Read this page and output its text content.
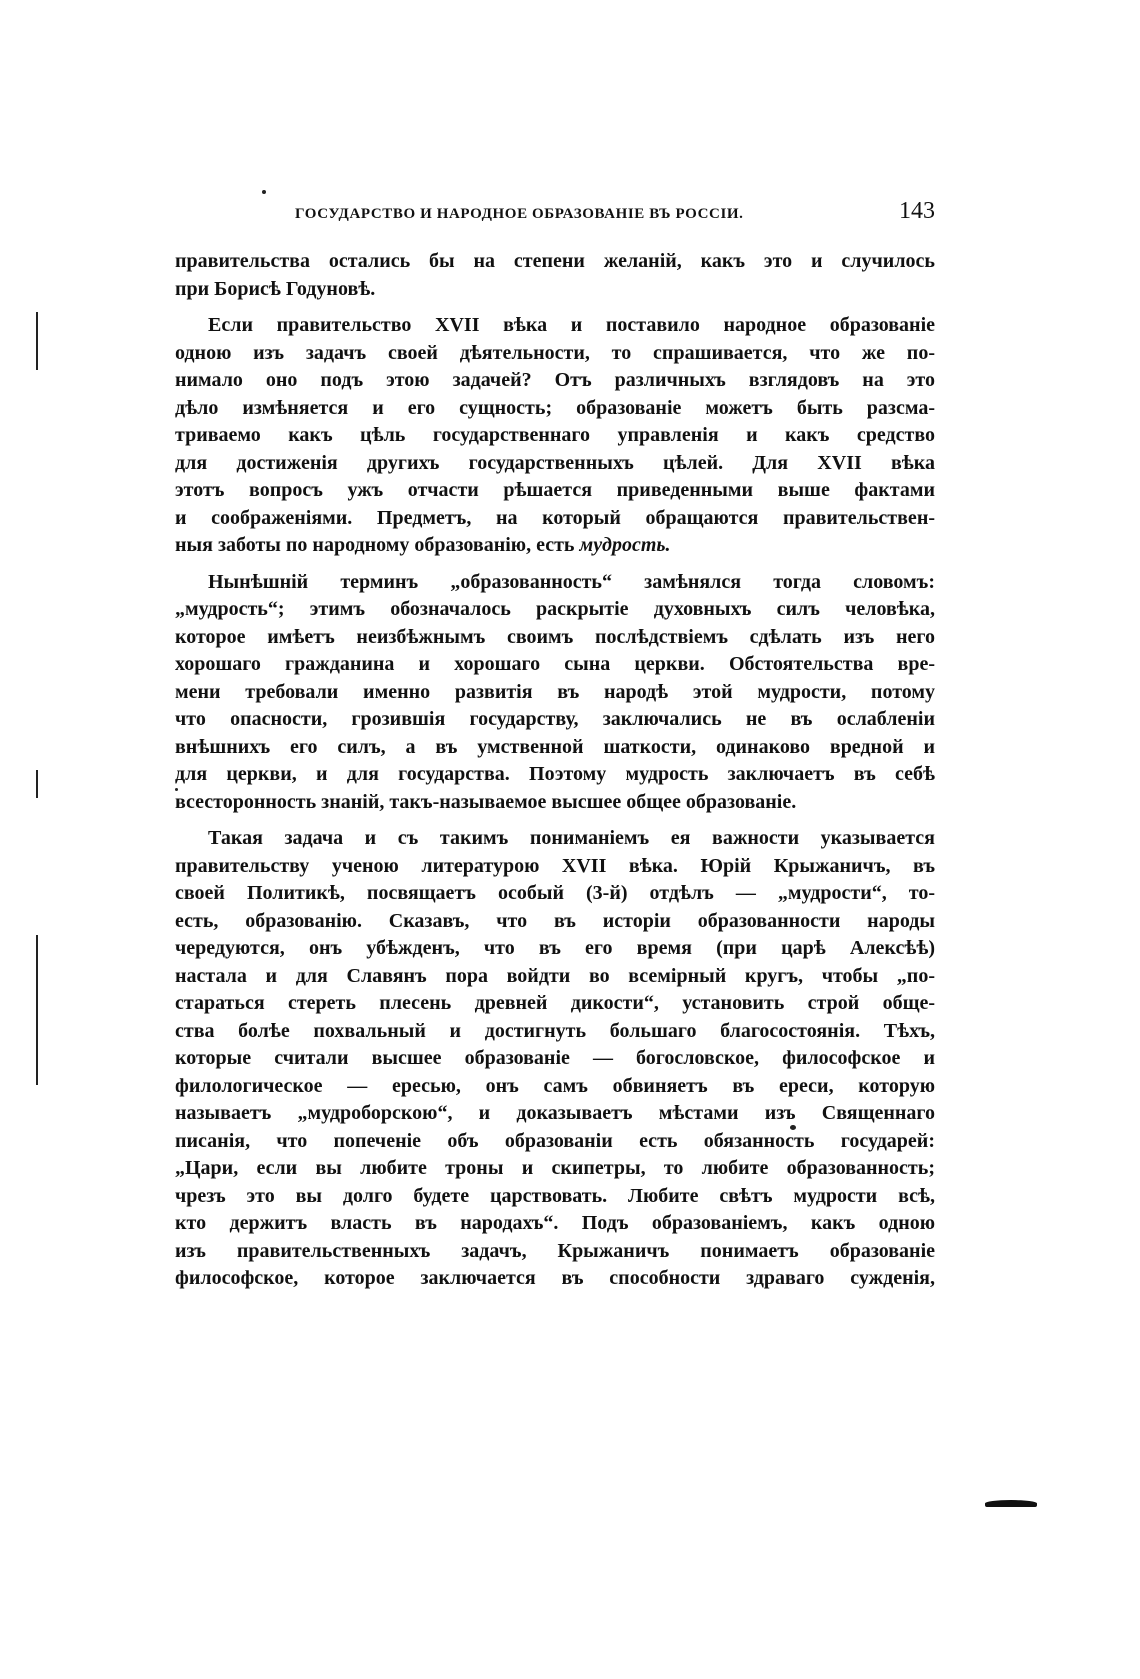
ГОСУДАРСТВО И НАРОДНОЕ ОБРАЗОВАНІЕ ВЪ РОССІИ.	143
правительства остались бы на степени желаній, какъ это и случилось
при Борисѣ Годуновѣ.
Если правительство XVII вѣка и поставило народное образованіе
одною изъ задачъ своей дѣятельности, то спрашивается, что же по-
нимало оно подъ этою задачей? Отъ различныхъ взглядовъ на это
дѣло измѣняется и его сущность; образованіе можетъ быть разсма-
триваемо какъ цѣль государственнаго управленія и какъ средство
для достиженія другихъ государственныхъ цѣлей. Для XVII вѣка
этотъ вопросъ ужъ отчасти рѣшается приведенными выше фактами
и соображеніями. Предметъ, на который обращаются правительствен-
ныя заботы по народному образованію, есть мудрость.
Нынѣшній терминъ „образованность“ замѣнялся тогда словомъ:
„мудрость“; этимъ обозначалось раскрытіе духовныхъ силъ человѣка,
которое имѣетъ неизбѣжнымъ своимъ послѣдствіемъ сдѣлать изъ него
хорошаго гражданина и хорошаго сына церкви. Обстоятельства вре-
мени требовали именно развитія въ народѣ этой мудрости, потому
что опасности, грозившія государству, заключались не въ ослабленіи
внѣшнихъ его силъ, а въ умственной шаткости, одинаково вредной и
для церкви, и для государства. Поэтому мудрость заключаетъ въ себѣ
всесторонность знаній, такъ-называемое высшее общее образованіе.
Такая задача и съ такимъ пониманіемъ ея важности указывается
правительству ученою литературою XVII вѣка. Юрій Крыжаничъ, въ
своей Политикѣ, посвящаетъ особый (3-й) отдѣлъ — „мудрости“, то-
есть, образованію. Сказавъ, что въ исторіи образованности народы
чередуются, онъ убѣжденъ, что въ его время (при царѣ Алексѣѣ)
настала и для Славянъ пора войдти во всемірный кругъ, чтобы „по-
стараться стереть плесень древней дикости“, установить строй обще-
ства болѣе похвальный и достигнуть большаго благосостоянія. Тѣхъ,
которые считали высшее образованіе — богословское, философское и
филологическое — ересью, онъ самъ обвиняетъ въ ереси, которую
называетъ „мудроборскою“, и доказываетъ мѣстами изъ Священнаго
писанія, что попеченіе объ образованіи есть обязанность государей:
„Цари, если вы любите троны и скипетры, то любите образованность;
чрезъ это вы долго будете царствовать. Любите свѣтъ мудрости всѣ,
кто держитъ власть въ народахъ“. Подъ образованіемъ, какъ одною
изъ правительственныхъ задачъ, Крыжаничъ понимаетъ образованіе
философское, которое заключается въ способности здраваго сужденія,
